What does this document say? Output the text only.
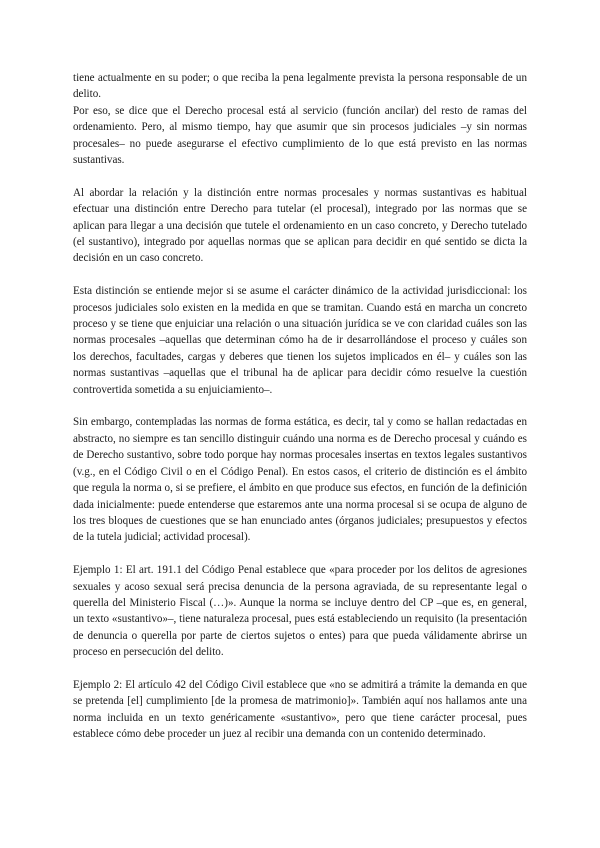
tiene actualmente en su poder; o que reciba la pena legalmente prevista la persona responsable de un delito.

Por eso, se dice que el Derecho procesal está al servicio (función ancilar) del resto de ramas del ordenamiento. Pero, al mismo tiempo, hay que asumir que sin procesos judiciales –y sin normas procesales– no puede asegurarse el efectivo cumplimiento de lo que está previsto en las normas sustantivas.

Al abordar la relación y la distinción entre normas procesales y normas sustantivas es habitual efectuar una distinción entre Derecho para tutelar (el procesal), integrado por las normas que se aplican para llegar a una decisión que tutele el ordenamiento en un caso concreto, y Derecho tutelado (el sustantivo), integrado por aquellas normas que se aplican para decidir en qué sentido se dicta la decisión en un caso concreto.

Esta distinción se entiende mejor si se asume el carácter dinámico de la actividad jurisdiccional: los procesos judiciales solo existen en la medida en que se tramitan. Cuando está en marcha un concreto proceso y se tiene que enjuiciar una relación o una situación jurídica se ve con claridad cuáles son las normas procesales –aquellas que determinan cómo ha de ir desarrollándose el proceso y cuáles son los derechos, facultades, cargas y deberes que tienen los sujetos implicados en él– y cuáles son las normas sustantivas –aquellas que el tribunal ha de aplicar para decidir cómo resuelve la cuestión controvertida sometida a su enjuiciamiento–.

Sin embargo, contempladas las normas de forma estática, es decir, tal y como se hallan redactadas en abstracto, no siempre es tan sencillo distinguir cuándo una norma es de Derecho procesal y cuándo es de Derecho sustantivo, sobre todo porque hay normas procesales insertas en textos legales sustantivos (v.g., en el Código Civil o en el Código Penal). En estos casos, el criterio de distinción es el ámbito que regula la norma o, si se prefiere, el ámbito en que produce sus efectos, en función de la definición dada inicialmente: puede entenderse que estaremos ante una norma procesal si se ocupa de alguno de los tres bloques de cuestiones que se han enunciado antes (órganos judiciales; presupuestos y efectos de la tutela judicial; actividad procesal).

Ejemplo 1: El art. 191.1 del Código Penal establece que «para proceder por los delitos de agresiones sexuales y acoso sexual será precisa denuncia de la persona agraviada, de su representante legal o querella del Ministerio Fiscal (…)». Aunque la norma se incluye dentro del CP –que es, en general, un texto «sustantivo»–, tiene naturaleza procesal, pues está estableciendo un requisito (la presentación de denuncia o querella por parte de ciertos sujetos o entes) para que pueda válidamente abrirse un proceso en persecución del delito.

Ejemplo 2: El artículo 42 del Código Civil establece que «no se admitirá a trámite la demanda en que se pretenda [el] cumplimiento [de la promesa de matrimonio]». También aquí nos hallamos ante una norma incluida en un texto genéricamente «sustantivo», pero que tiene carácter procesal, pues establece cómo debe proceder un juez al recibir una demanda con un contenido determinado.
